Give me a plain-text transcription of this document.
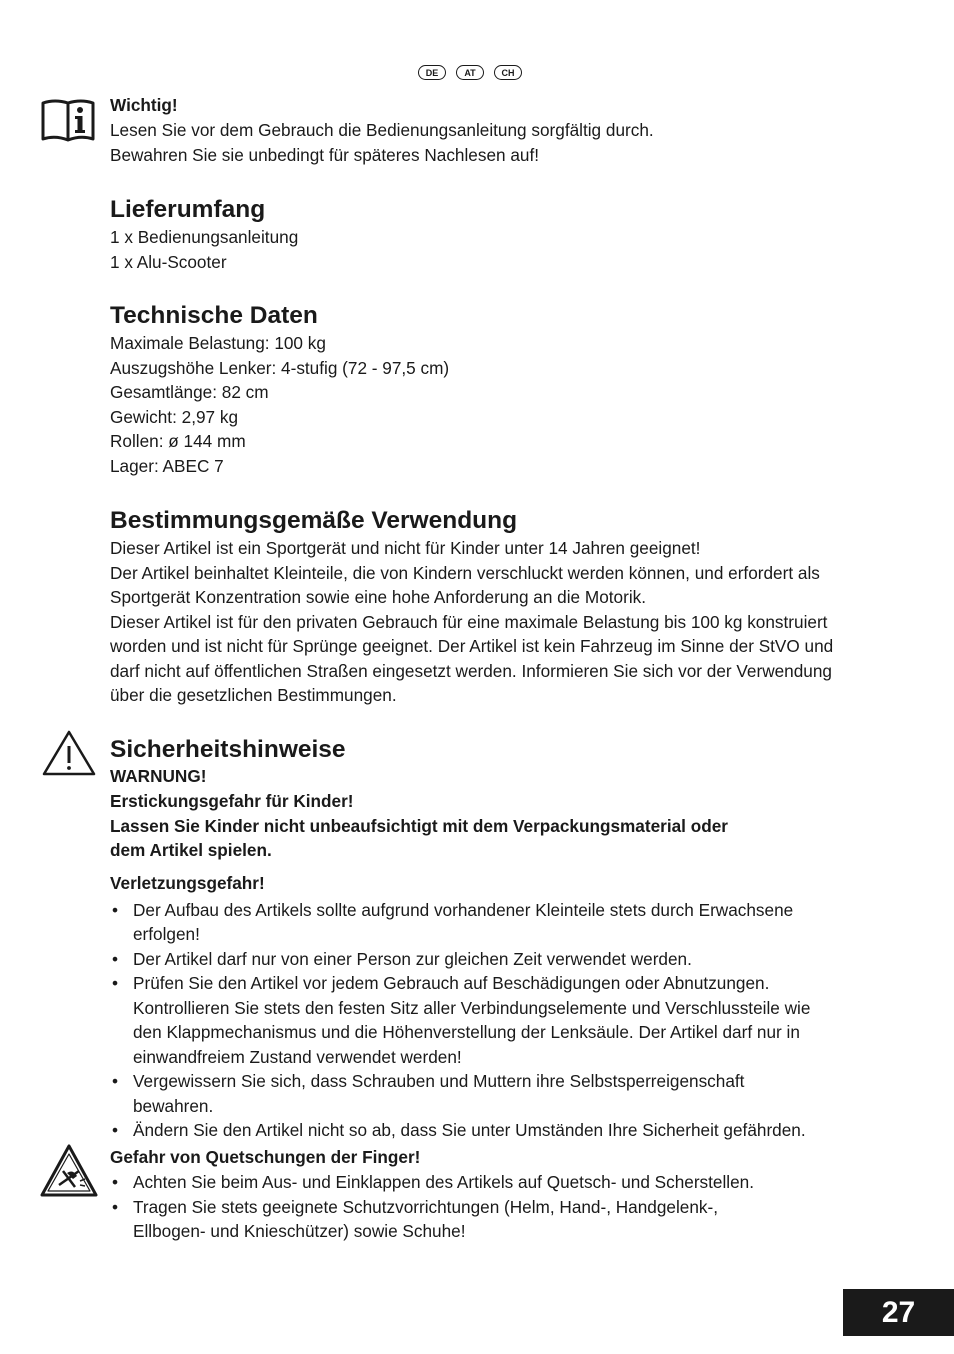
DE	AT	CH
Wichtig!
Lesen Sie vor dem Gebrauch die Bedienungsanleitung sorgfältig durch.
Bewahren Sie sie unbedingt für späteres Nachlesen auf!
Lieferumfang
1 x Bedienungsanleitung
1 x Alu-Scooter
Technische Daten
Maximale Belastung: 100 kg
Auszugshöhe Lenker: 4-stufig (72 - 97,5 cm)
Gesamtlänge: 82 cm
Gewicht: 2,97 kg
Rollen: ø 144 mm
Lager: ABEC 7
Bestimmungsgemäße Verwendung
Dieser Artikel ist ein Sportgerät und nicht für Kinder unter 14 Jahren geeignet!
Der Artikel beinhaltet Kleinteile, die von Kindern verschluckt werden können, und erfordert als
Sportgerät Konzentration sowie eine hohe Anforderung an die Motorik.
Dieser Artikel ist für den privaten Gebrauch für eine maximale Belastung bis 100 kg konstruiert
worden und ist nicht für Sprünge geeignet. Der Artikel ist kein Fahrzeug im Sinne der StVO und
darf nicht auf öffentlichen Straßen eingesetzt werden. Informieren Sie sich vor der Verwendung
über die gesetzlichen Bestimmungen.
Sicherheitshinweise
WARNUNG!
Erstickungsgefahr für Kinder!
Lassen Sie Kinder nicht unbeaufsichtigt mit dem Verpackungsmaterial oder
dem Artikel spielen.
Verletzungsgefahr!
• Der Aufbau des Artikels sollte aufgrund vorhandener Kleinteile stets durch Erwachsene
erfolgen!
• Der Artikel darf nur von einer Person zur gleichen Zeit verwendet werden.
• Prüfen Sie den Artikel vor jedem Gebrauch auf Beschädigungen oder Abnutzungen.
Kontrollieren Sie stets den festen Sitz aller Verbindungselemente und Verschlussteile wie
den Klappmechanismus und die Höhenverstellung der Lenksäule. Der Artikel darf nur in
einwandfreiem Zustand verwendet werden!
• Vergewissern Sie sich, dass Schrauben und Muttern ihre Selbstsperreigenschaft
bewahren.
• Ändern Sie den Artikel nicht so ab, dass Sie unter Umständen Ihre Sicherheit gefährden.
Gefahr von Quetschungen der Finger!
• Achten Sie beim Aus- und Einklappen des Artikels auf Quetsch- und Scherstellen.
• Tragen Sie stets geeignete Schutzvorrichtungen (Helm, Hand-, Handgelenk-,
Ellbogen- und Knieschützer) sowie Schuhe!
27
